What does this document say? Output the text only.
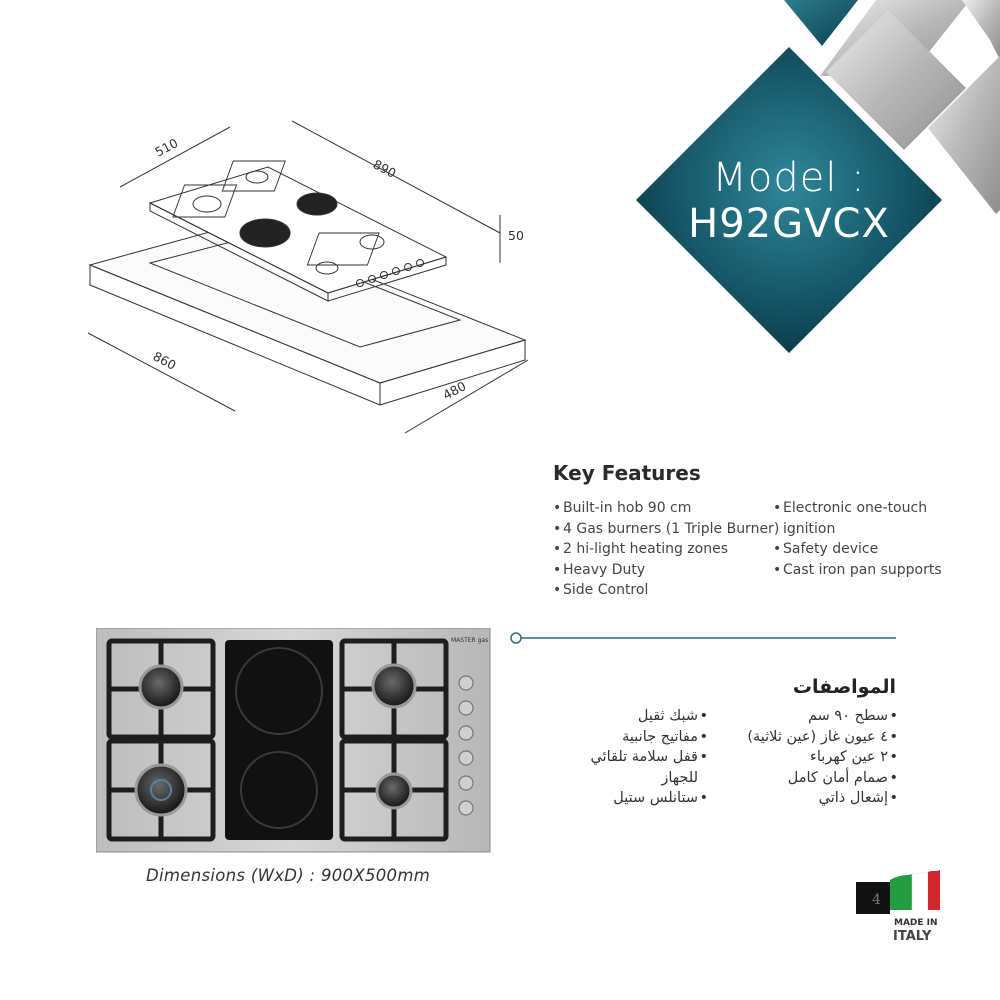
Model :
H92GVCX
510
890
50
860
480
Key Features
• Built-in hob 90 cm
• 4 Gas burners (1 Triple Burner)
• 2 hi-light heating zones
• Heavy Duty
• Side Control
• Electronic one-touch ignition
• Safety device
• Cast iron pan supports
MASTER gas
Dimensions (WxD) : 900X500mm
المواصفات
• سطح ٩٠ سم
• ٤ عيون غاز (عين ثلاثية)
• ٢ عين كهرباء
• صمام أمان كامل
• إشعال ذاتي
• شبك ثقيل
• مفاتيح جانبية
• قفل سلامة تلقائي للجهاز
• ستانلس ستيل
4
MADE IN
ITALY
